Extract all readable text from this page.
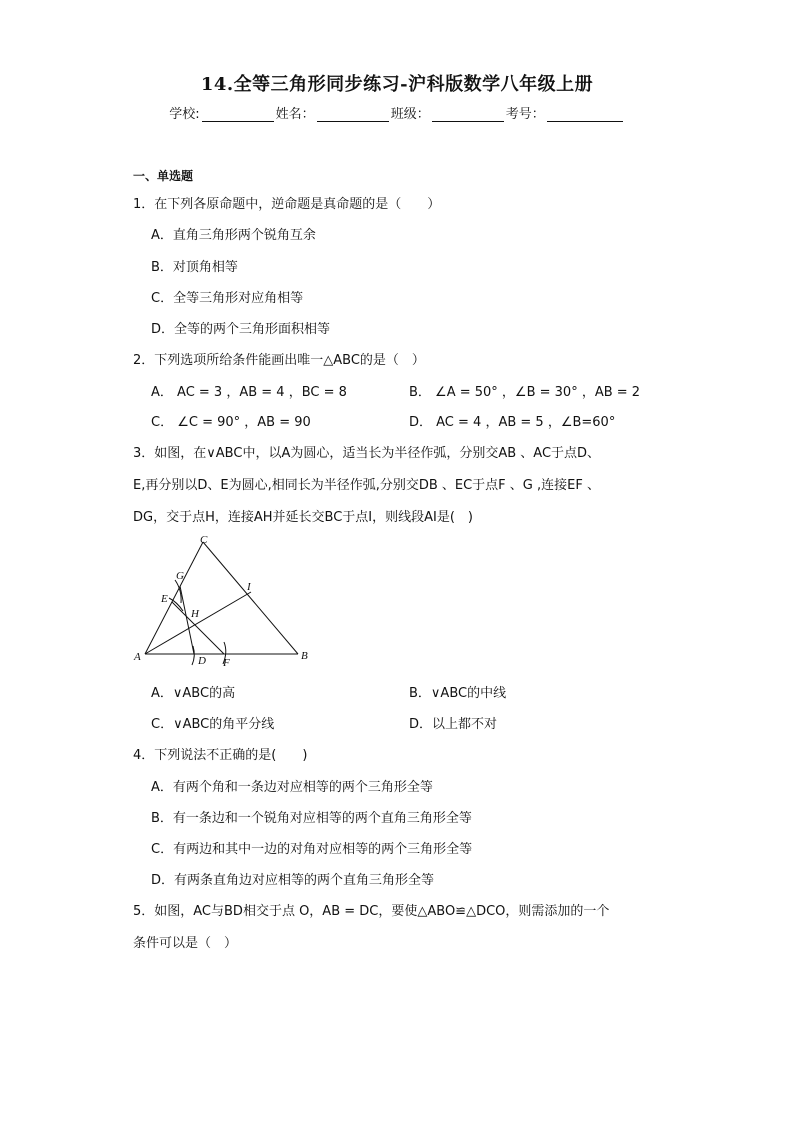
14.全等三角形同步练习-沪科版数学八年级上册
学校:	姓名：	班级：	考号：
一、单选题
1．在下列各原命题中，逆命题是真命题的是（　　）
A．直角三角形两个锐角互余
B．对顶角相等
C．全等三角形对应角相等
D．全等的两个三角形面积相等
2．下列选项所给条件能画出唯一△ABC的是（　）
A． AC = 3 ，AB = 4 ，BC = 8	B． ∠A = 50° ，∠B = 30° ，AB = 2
C． ∠C = 90° ，AB = 90	D． AC = 4 ，AB = 5 ，∠B=60°
3．如图，在∨ABC中，以A为圆心，适当长为半径作弧，分别交AB 、AC于点D、
E,再分别以D、E为圆心,相同长为半径作弧,分别交DB 、EC于点F 、G ,连接EF 、
DG，交于点H，连接AH并延长交BC于点I，则线段AI是(　)
C
G
I
E
H
A	D F
B
A．∨ABC的高	B．∨ABC的中线
C．∨ABC的角平分线	D．以上都不对
4．下列说法不正确的是(　　)
A．有两个角和一条边对应相等的两个三角形全等
B．有一条边和一个锐角对应相等的两个直角三角形全等
C．有两边和其中一边的对角对应相等的两个三角形全等
D．有两条直角边对应相等的两个直角三角形全等
5．如图，AC与BD相交于点 O，AB = DC，要使△ABO≌△DCO，则需添加的一个
条件可以是（　）
